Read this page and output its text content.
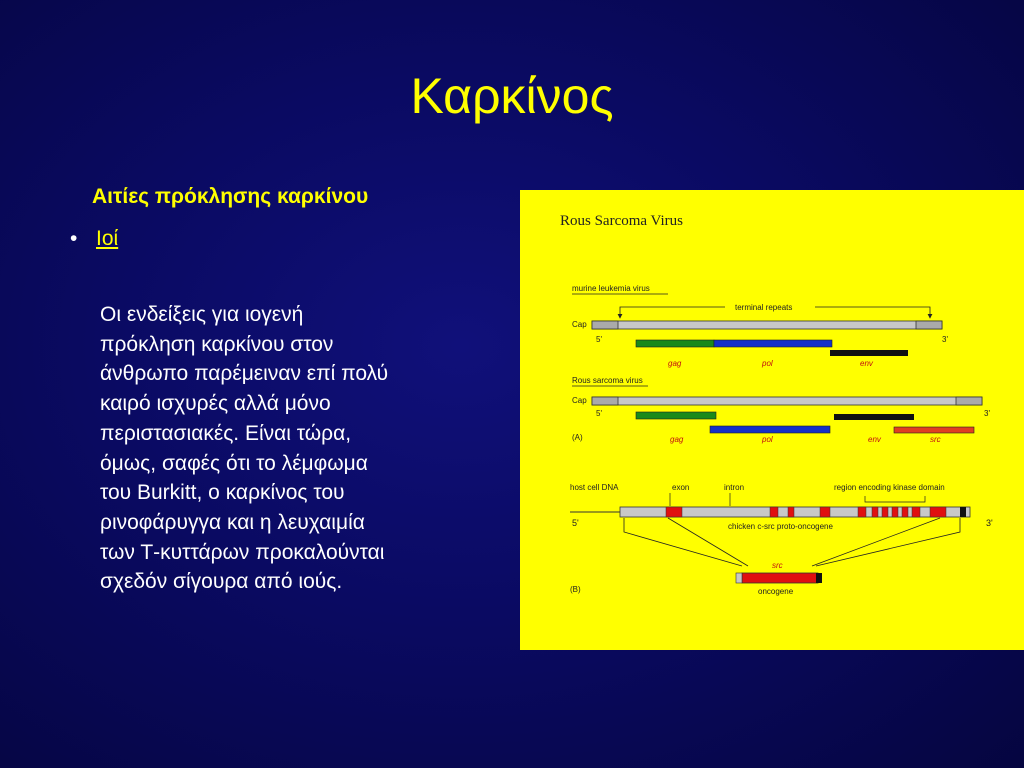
Καρκίνος
Αιτίες πρόκλησης καρκίνου
• Ιοί
Οι ενδείξεις για ιογενή
πρόκληση καρκίνου στον
άνθρωπο παρέμειναν επί πολύ
καιρό ισχυρές αλλά μόνο
περιστασιακές. Είναι τώρα,
όμως, σαφές ότι το λέμφωμα
του Burkitt, ο καρκίνος του
ρινοφάρυγγα και η λευχαιμία
των Τ-κυττάρων προκαλούνται
σχεδόν σίγουρα από ιούς.
Rous Sarcoma Virus
murine leukemia virus
terminal repeats
Cap
5'	3'
gag	pol	env
Rous sarcoma virus
Cap
5'	3'
(A)	gag	pol	env	src
host cell DNA	exon	intron	region encoding kinase domain
5'	3'
chicken c-src proto-oncogene
src
(B)	oncogene
